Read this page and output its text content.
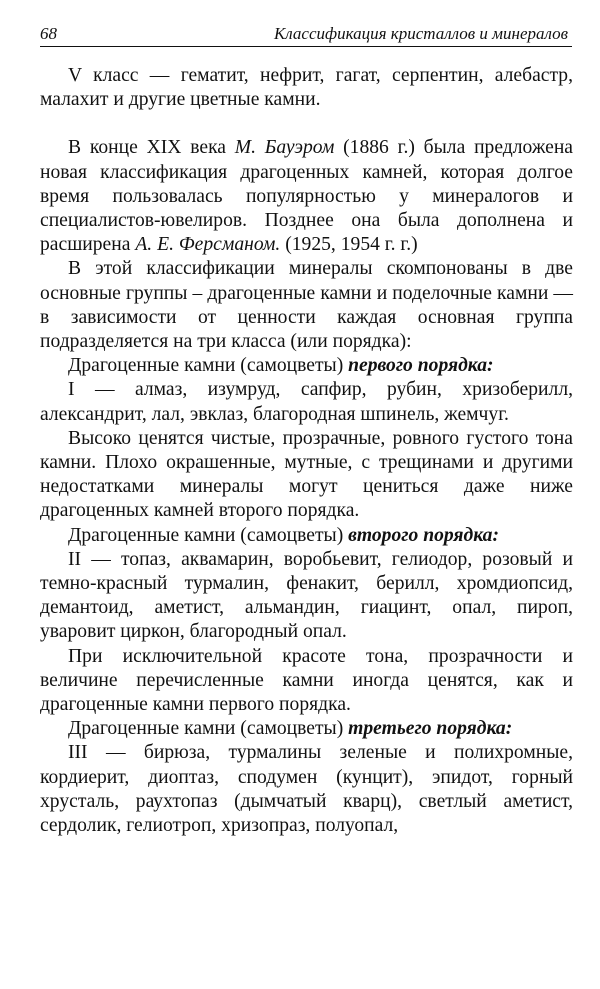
68	Классификация кристаллов и минералов

V класс — гематит, нефрит, гагат, серпентин, алебастр, малахит и другие цветные камни.

В конце XIX века М. Бауэром (1886 г.) была предложена новая классификация драгоценных камней, которая долгое время пользовалась популярностью у минералогов и специалистов-ювелиров. Позднее она была дополнена и расширена А. Е. Ферсманом. (1925, 1954 г. г.)

В этой классификации минералы скомпонованы в две основные группы – драгоценные камни и поделочные камни — в зависимости от ценности каждая основная группа подразделяется на три класса (или порядка):

Драгоценные камни (самоцветы) первого порядка:

I — алмаз, изумруд, сапфир, рубин, хризоберилл, александрит, лал, эвклаз, благородная шпинель, жемчуг.

Высоко ценятся чистые, прозрачные, ровного густого тона камни. Плохо окрашенные, мутные, с трещинами и другими недостатками минералы могут цениться даже ниже драгоценных камней второго порядка.

Драгоценные камни (самоцветы) второго порядка:

II — топаз, аквамарин, воробьевит, гелиодор, розовый и темно-красный турмалин, фенакит, берилл, хромдиопсид, демантоид, аметист, альмандин, гиацинт, опал, пироп, уваровит циркон, благородный опал.

При исключительной красоте тона, прозрачности и величине перечисленные камни иногда ценятся, как и драгоценные камни первого порядка.

Драгоценные камни (самоцветы) третьего порядка:

III — бирюза, турмалины зеленые и полихромные, кордиерит, диоптаз, сподумен (кунцит), эпидот, горный хрусталь, раухтопаз (дымчатый кварц), светлый аметист, сердолик, гелиотроп, хризопраз, полуопал,
